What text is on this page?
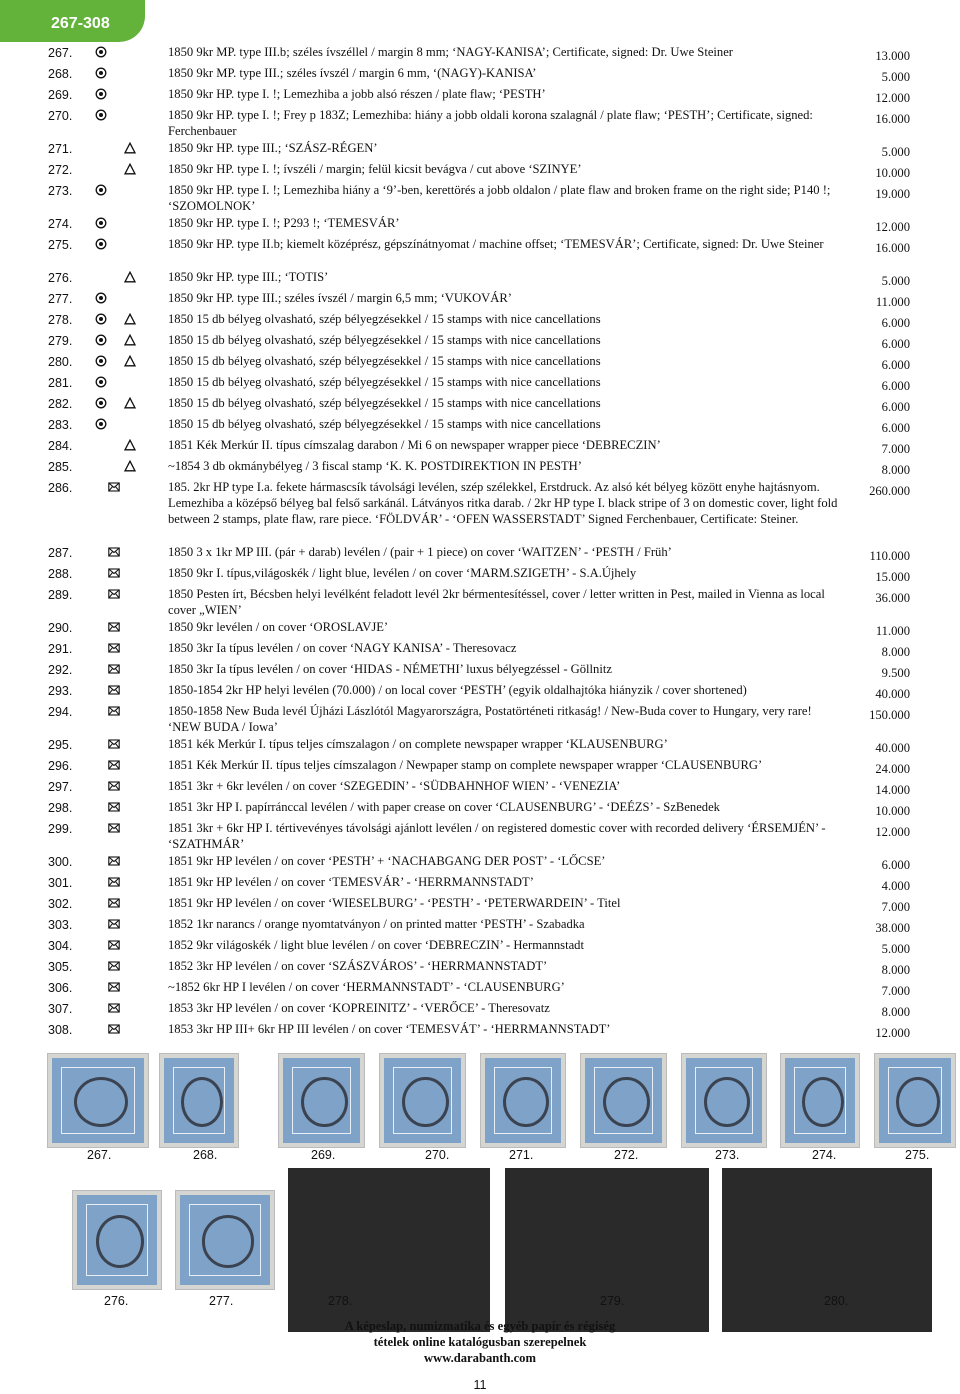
267-308
267.	1850 9kr MP. type III.b; széles ívszéllel / margin 8 mm; ‘NAGY-KANISA’; Certificate, signed: Dr. Uwe Steiner	13.000
268.	1850 9kr MP. type III.; széles ívszél / margin 6 mm, ‘(NAGY)-KANISA’	5.000
269.	1850 9kr HP. type I. !; Lemezhiba a jobb alsó részen / plate flaw; ‘PESTH’	12.000
270.	1850 9kr HP. type I. !; Frey p 183Z; Lemezhiba: hiány a jobb oldali korona szalagnál / plate flaw; ‘PESTH’; Certificate, signed: Ferchenbauer
16.000
271.	1850 9kr HP. type III.; ‘SZÁSZ-RÉGEN’	5.000
272.	1850 9kr HP. type I. !; ívszéli / margin; felül kicsit bevágva / cut above ‘SZINYE’	10.000
273.	1850 9kr HP. type I. !; Lemezhiba hiány a ‘9’-ben, kerettörés a jobb oldalon / plate flaw and broken frame on the right side; P140 !; ‘SZOMOLNOK’
19.000
274.	1850 9kr HP. type I. !; P293 !; ‘TEMESVÁR’	12.000
275.	1850 9kr HP. type II.b; kiemelt középrész, gépszínátnyomat / machine offset; ‘TEMESVÁR’; Certificate, signed: Dr. Uwe Steiner	16.000
276.	1850 9kr HP. type III.; ‘TOTIS’	5.000
277.	1850 9kr HP. type III.; széles ívszél / margin 6,5 mm; ‘VUKOVÁR’	11.000
278.	1850 15 db bélyeg olvasható, szép bélyegzésekkel / 15 stamps with nice cancellations	6.000
279.	1850 15 db bélyeg olvasható, szép bélyegzésekkel / 15 stamps with nice cancellations	6.000
280.	1850 15 db bélyeg olvasható, szép bélyegzésekkel / 15 stamps with nice cancellations	6.000
281.	1850 15 db bélyeg olvasható, szép bélyegzésekkel / 15 stamps with nice cancellations	6.000
282.	1850 15 db bélyeg olvasható, szép bélyegzésekkel / 15 stamps with nice cancellations	6.000
283.	1850 15 db bélyeg olvasható, szép bélyegzésekkel / 15 stamps with nice cancellations	6.000
284.	1851 Kék Merkúr II. típus címszalag darabon / Mi 6 on newspaper wrapper piece ‘DEBRECZIN’	7.000
285.	~1854 3 db okmánybélyeg / 3 fiscal stamp ‘K. K. POSTDIREKTION IN PESTH’	8.000
286.	185. 2kr HP type I.a. fekete hármascsík távolsági levélen, szép szélekkel, Erstdruck. Az alsó két bélyeg között enyhe hajtásnyom. Lemezhiba a középső bélyeg bal felső sarkánál. Látványos ritka darab. / 2kr HP type I. black stripe of 3 on domestic cover, light fold between 2 stamps, plate flaw, rare piece. ‘FÖLDVÁR’ - ‘OFEN WASSERSTADT’ Signed Ferchenbauer, Certificate: Steiner.
260.000
287.	1850 3 x 1kr MP III. (pár + darab) levélen / (pair + 1 piece) on cover ‘WAITZEN’ - ‘PESTH / Früh’	110.000
288.	1850 9kr I. típus,világoskék / light blue, levélen / on cover ‘MARM.SZIGETH’ - S.A.Újhely	15.000
289.	1850 Pesten írt, Bécsben helyi levélként feladott levél 2kr bérmentesítéssel, cover / letter written in Pest, mailed in Vienna as local cover „WIEN’
36.000
290.	1850 9kr levélen / on cover ‘OROSLAVJE’	11.000
291.	1850 3kr Ia típus levélen / on cover ‘NAGY KANISA’ - Theresovacz	8.000
292.	1850 3kr Ia típus levélen / on cover ‘HIDAS - NÉMETHI’ luxus bélyegzéssel - Göllnitz	9.500
293.	1850-1854 2kr HP helyi levélen (70.000) / on local cover ‘PESTH’ (egyik oldalhajtóka hiányzik / cover shortened)	40.000
294.	1850-1858 New Buda levél Újházi Lászlótól Magyarországra, Postatörténeti ritkaság! / New-Buda cover to Hungary, very rare! ‘NEW BUDA / Iowa’
150.000
295.	1851 kék Merkúr I. típus teljes címszalagon / on complete newspaper wrapper ‘KLAUSENBURG’	40.000
296.	1851 Kék Merkúr II. típus teljes címszalagon / Newpaper stamp on complete newspaper wrapper ‘CLAUSENBURG’	24.000
297.	1851 3kr + 6kr levélen / on cover ‘SZEGEDIN’ - ‘SÜDBAHNHOF WIEN’ - ‘VENEZIA’	14.000
298.	1851 3kr HP I. papírránccal levélen / with paper crease on cover ‘CLAUSENBURG’ - ‘DEÉZS’ - SzBenedek	10.000
299.	1851 3kr + 6kr HP I. tértivevényes távolsági ajánlott levélen / on registered domestic cover with recorded delivery ‘ÉRSEMJÉN’ - ‘SZATHMÁR’
12.000
300.	1851 9kr HP levélen / on cover ‘PESTH’ + ‘NACHABGANG DER POST’ - ‘LŐCSE’	6.000
301.	1851 9kr HP levélen / on cover ‘TEMESVÁR’ - ‘HERRMANNSTADT’	4.000
302.	1851 9kr HP levélen / on cover ‘WIESELBURG’ - ‘PESTH’ - ‘PETERWARDEIN’ - Titel	7.000
303.	1852 1kr narancs / orange nyomtatványon / on printed matter ‘PESTH’ - Szabadka	38.000
304.	1852 9kr világoskék / light blue levélen / on cover ‘DEBRECZIN’ - Hermannstadt	5.000
305.	1852 3kr HP levélen / on cover ‘SZÁSZVÁROS’ - ‘HERRMANNSTADT’	8.000
306.	~1852 6kr HP I levélen / on cover ‘HERMANNSTADT’ - ‘CLAUSENBURG’	7.000
307.	1853 3kr HP levélen / on cover ‘KOPREINITZ’ - ‘VERŐCE’ - Theresovatz	8.000
308.	1853 3kr HP III+ 6kr HP III levélen / on cover ‘TEMESVÁT’ - ‘HERRMANNSTADT’	12.000
267.	268.	269.	270.	271.	272.	273.	274.	275.
276.	277.	278.	279.	280.
A képeslap, numizmatika és egyéb papír és régiség
tételek online katalógusban szerepelnek
www.darabanth.com
11
